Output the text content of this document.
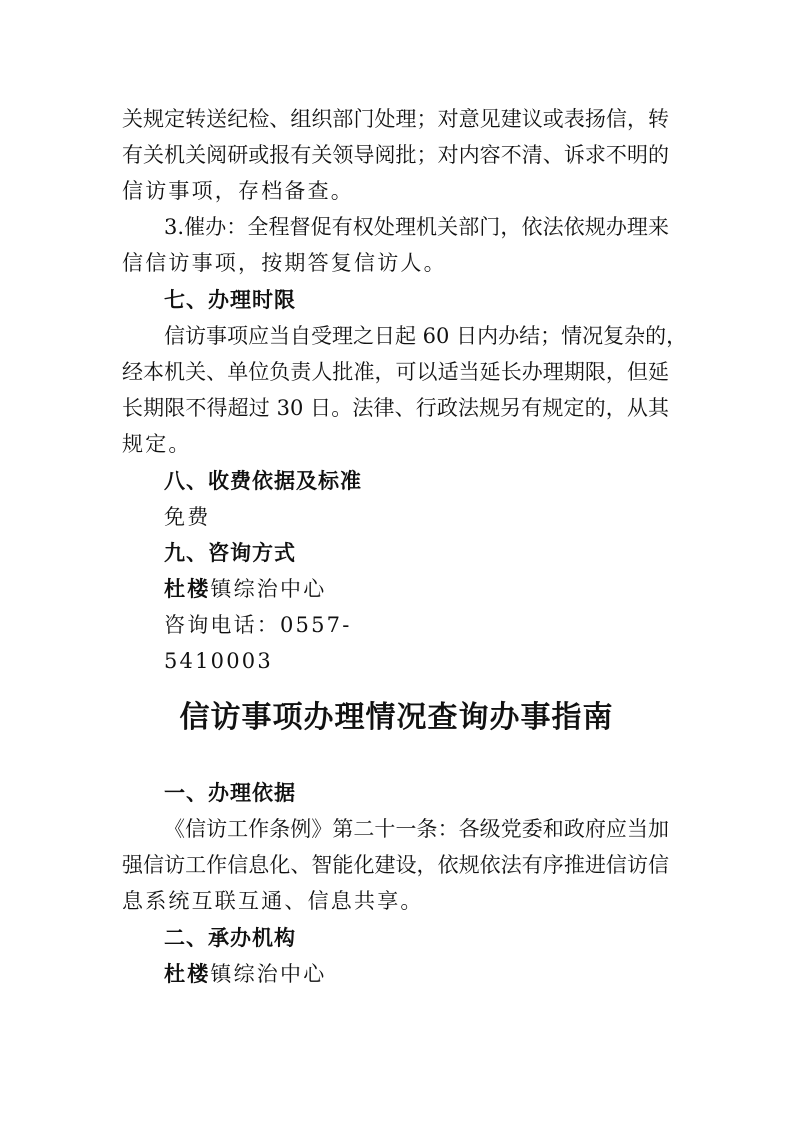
关规定转送纪检、组织部门处理；对意见建议或表扬信，转
有关机关阅研或报有关领导阅批；对内容不清、诉求不明的
信访事项，存档备查。
3.催办：全程督促有权处理机关部门，依法依规办理来
信信访事项，按期答复信访人。
七、办理时限
信访事项应当自受理之日起 60 日内办结；情况复杂的，
经本机关、单位负责人批准，可以适当延长办理期限，但延
长期限不得超过 30 日。法律、行政法规另有规定的，从其
规定。
八、收费依据及标准
免费
九、咨询方式
杜楼镇综治中心
咨询电话：0557-
5410003
信访事项办理情况查询办事指南
一、办理依据
《信访工作条例》第二十一条：各级党委和政府应当加
强信访工作信息化、智能化建设，依规依法有序推进信访信
息系统互联互通、信息共享。
二、承办机构
杜楼镇综治中心
